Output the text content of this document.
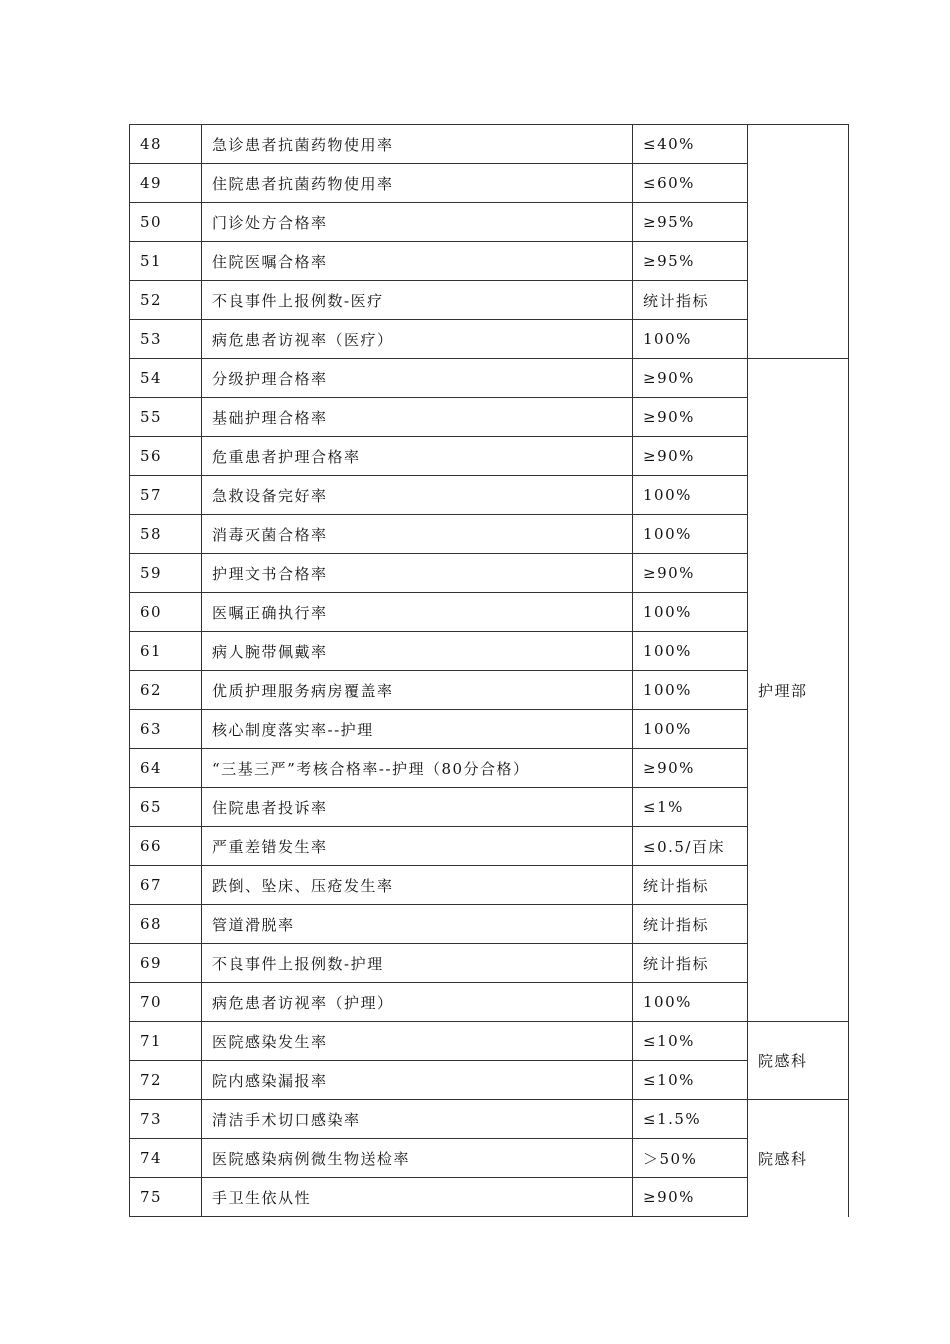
48	急诊患者抗菌药物使用率	≤40%	
49	住院患者抗菌药物使用率	≤60%	
50	门诊处方合格率	≥95%	
51	住院医嘱合格率	≥95%	
52	不良事件上报例数-医疗	统计指标	
53	病危患者访视率（医疗）	100%	
54	分级护理合格率	≥90%	护理部
55	基础护理合格率	≥90%	
56	危重患者护理合格率	≥90%	
57	急救设备完好率	100%	
58	消毒灭菌合格率	100%	
59	护理文书合格率	≥90%	
60	医嘱正确执行率	100%	
61	病人腕带佩戴率	100%	
62	优质护理服务病房覆盖率	100%	
63	核心制度落实率--护理	100%	
64	“三基三严”考核合格率--护理（80分合格）	≥90%	
65	住院患者投诉率	≤1%	
66	严重差错发生率	≤0.5/百床	
67	跌倒、坠床、压疮发生率	统计指标	
68	管道滑脱率	统计指标	
69	不良事件上报例数-护理	统计指标	
70	病危患者访视率（护理）	100%	
71	医院感染发生率	≤10%	院感科
72	院内感染漏报率	≤10%	
73	清洁手术切口感染率	≤1.5%	院感科
74	医院感染病例微生物送检率	＞50%	
75	手卫生依从性	≥90%	
